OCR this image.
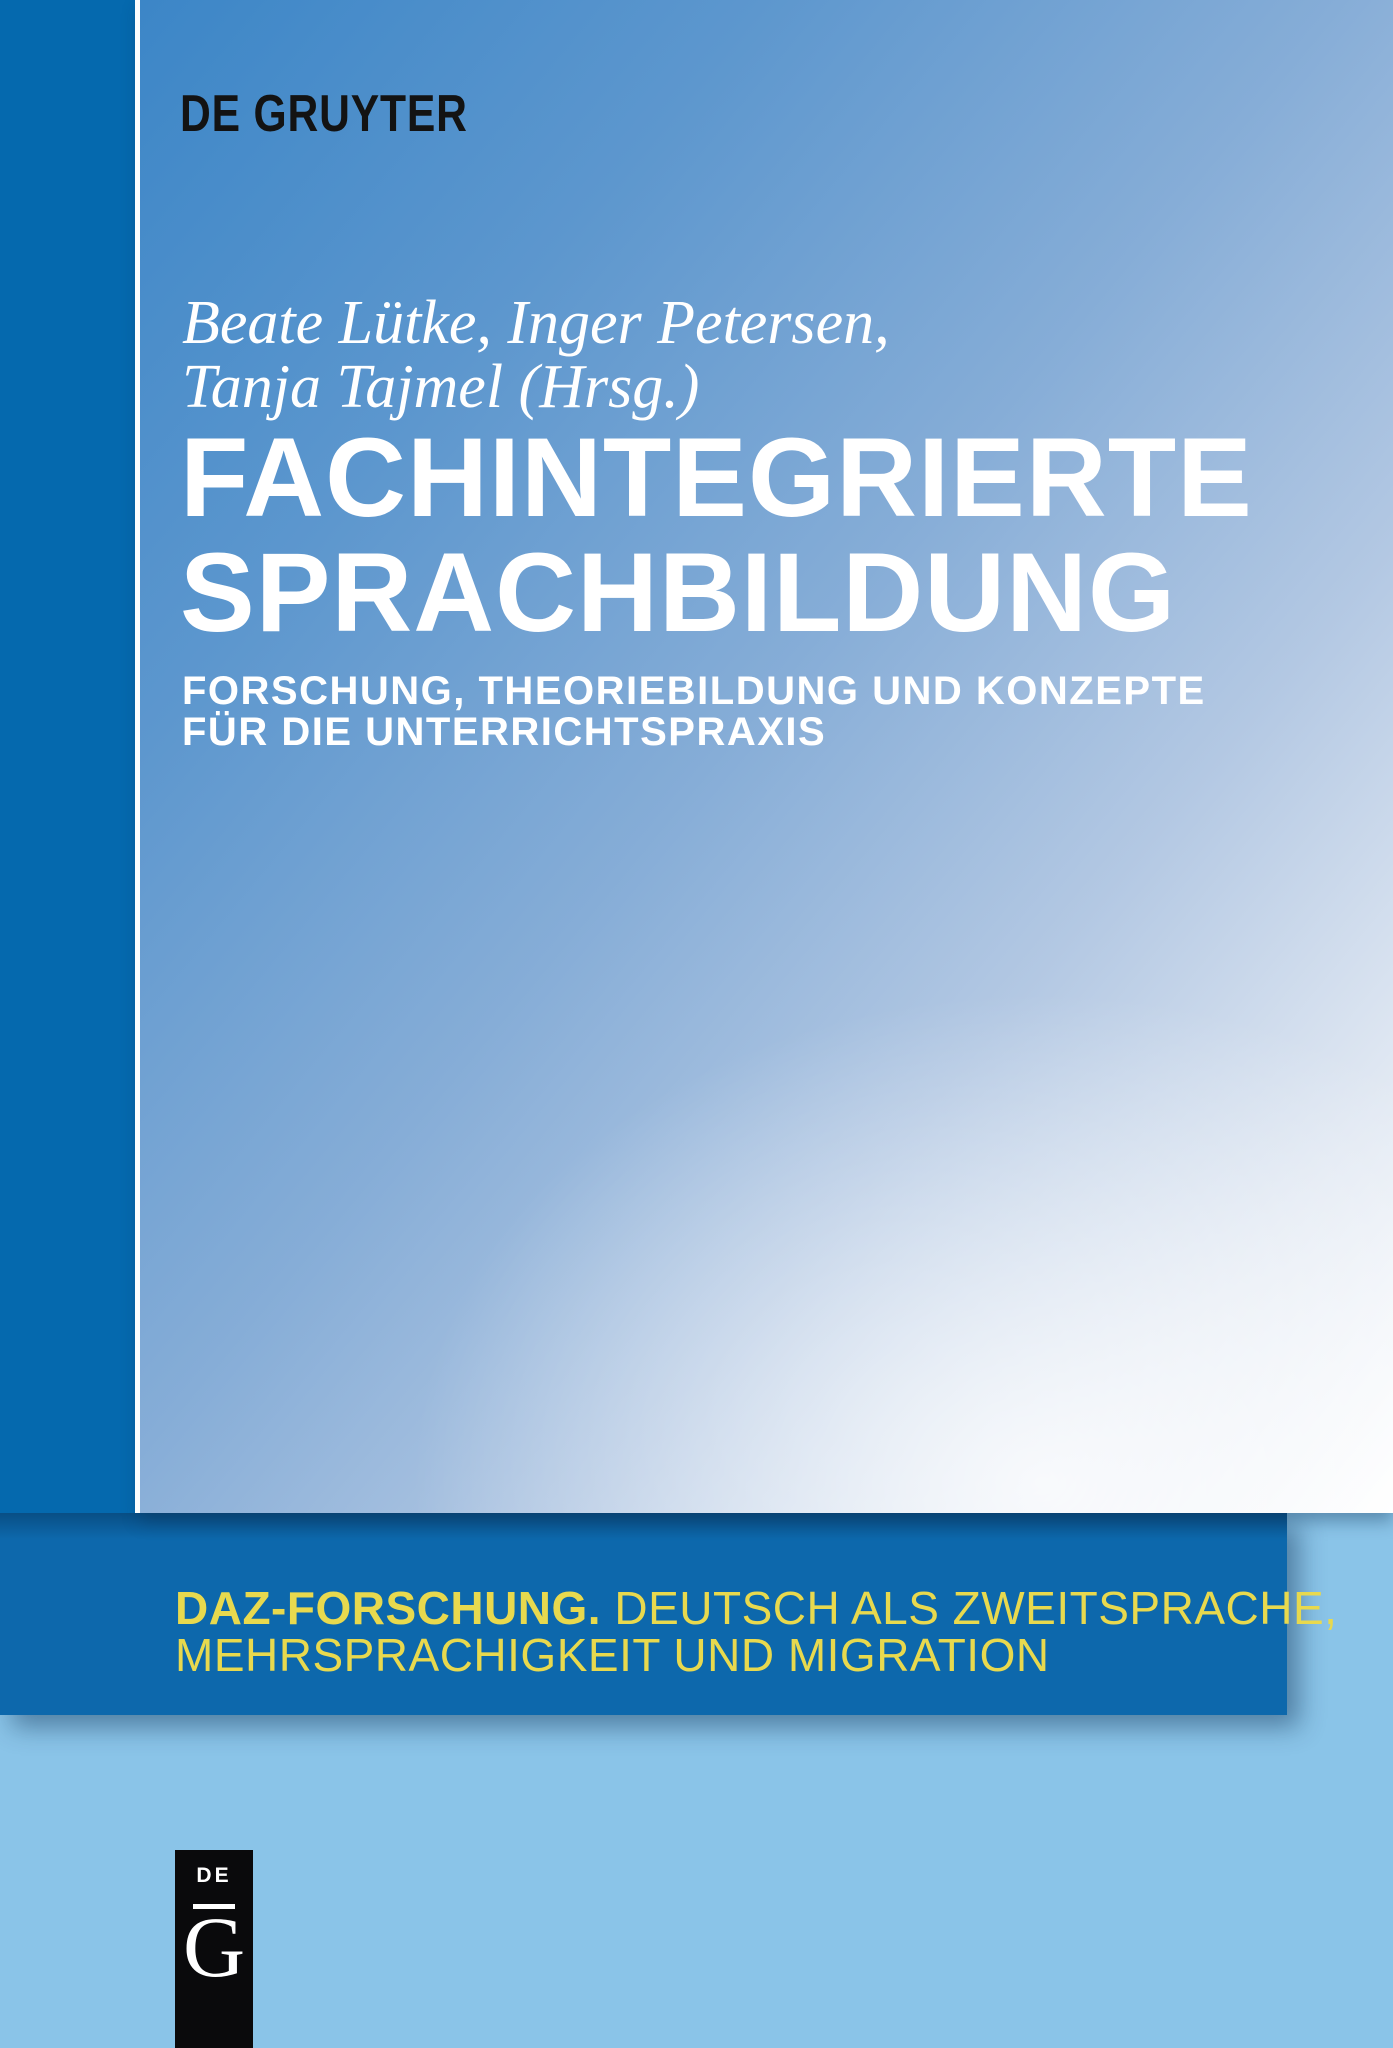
DE GRUYTER
Beate Lütke, Inger Petersen,
Tanja Tajmel (Hrsg.)
FACHINTEGRIERTE
SPRACHBILDUNG
FORSCHUNG, THEORIEBILDUNG UND KONZEPTE
FÜR DIE UNTERRICHTSPRAXIS
DAZ-FORSCHUNG. DEUTSCH ALS ZWEITSPRACHE,
MEHRSPRACHIGKEIT UND MIGRATION
DE
G
